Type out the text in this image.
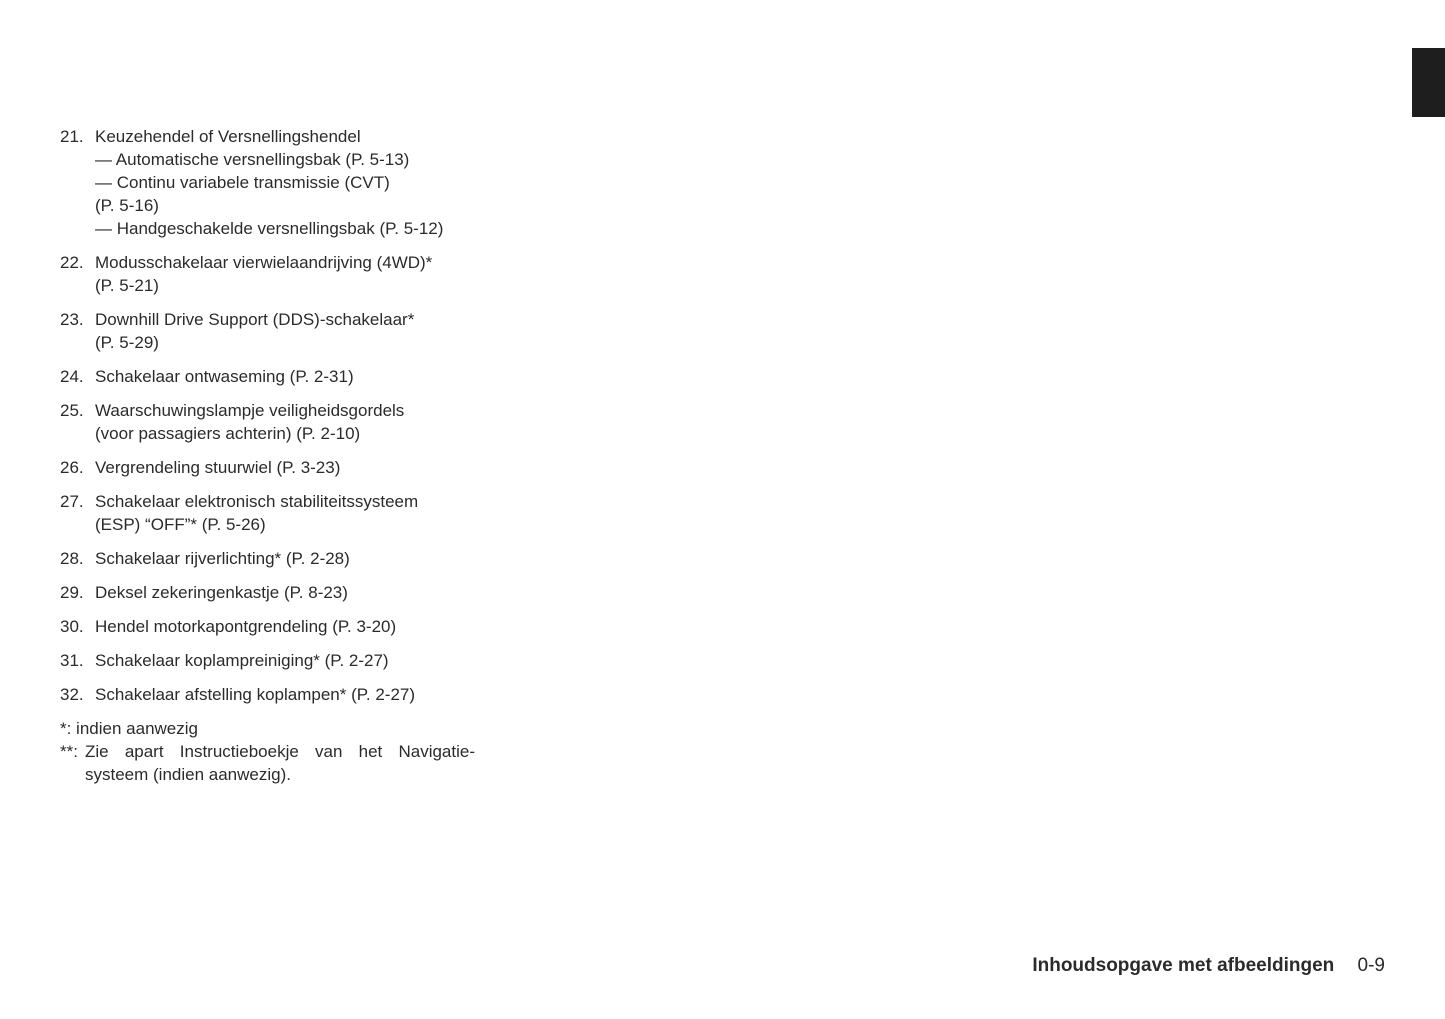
21. Keuzehendel of Versnellingshendel
— Automatische versnellingsbak (P. 5-13)
— Continu variabele transmissie (CVT)
(P. 5-16)
— Handgeschakelde versnellingsbak (P. 5-12)
22. Modusschakelaar vierwielaandrijving (4WD)*
(P. 5-21)
23. Downhill Drive Support (DDS)-schakelaar*
(P. 5-29)
24. Schakelaar ontwaseming (P. 2-31)
25. Waarschuwingslampje veiligheidsgordels
(voor passagiers achterin) (P. 2-10)
26. Vergrendeling stuurwiel (P. 3-23)
27. Schakelaar elektronisch stabiliteitssysteem
(ESP) “OFF”* (P. 5-26)
28. Schakelaar rijverlichting* (P. 2-28)
29. Deksel zekeringenkastje (P. 8-23)
30. Hendel motorkapontgrendeling (P. 3-20)
31. Schakelaar koplampreiniging* (P. 2-27)
32. Schakelaar afstelling koplampen* (P. 2-27)
*: indien aanwezig
**: Zie apart Instructieboekje van het Navigatie-
systeem (indien aanwezig).
Inhoudsopgave met afbeeldingen 0-9
